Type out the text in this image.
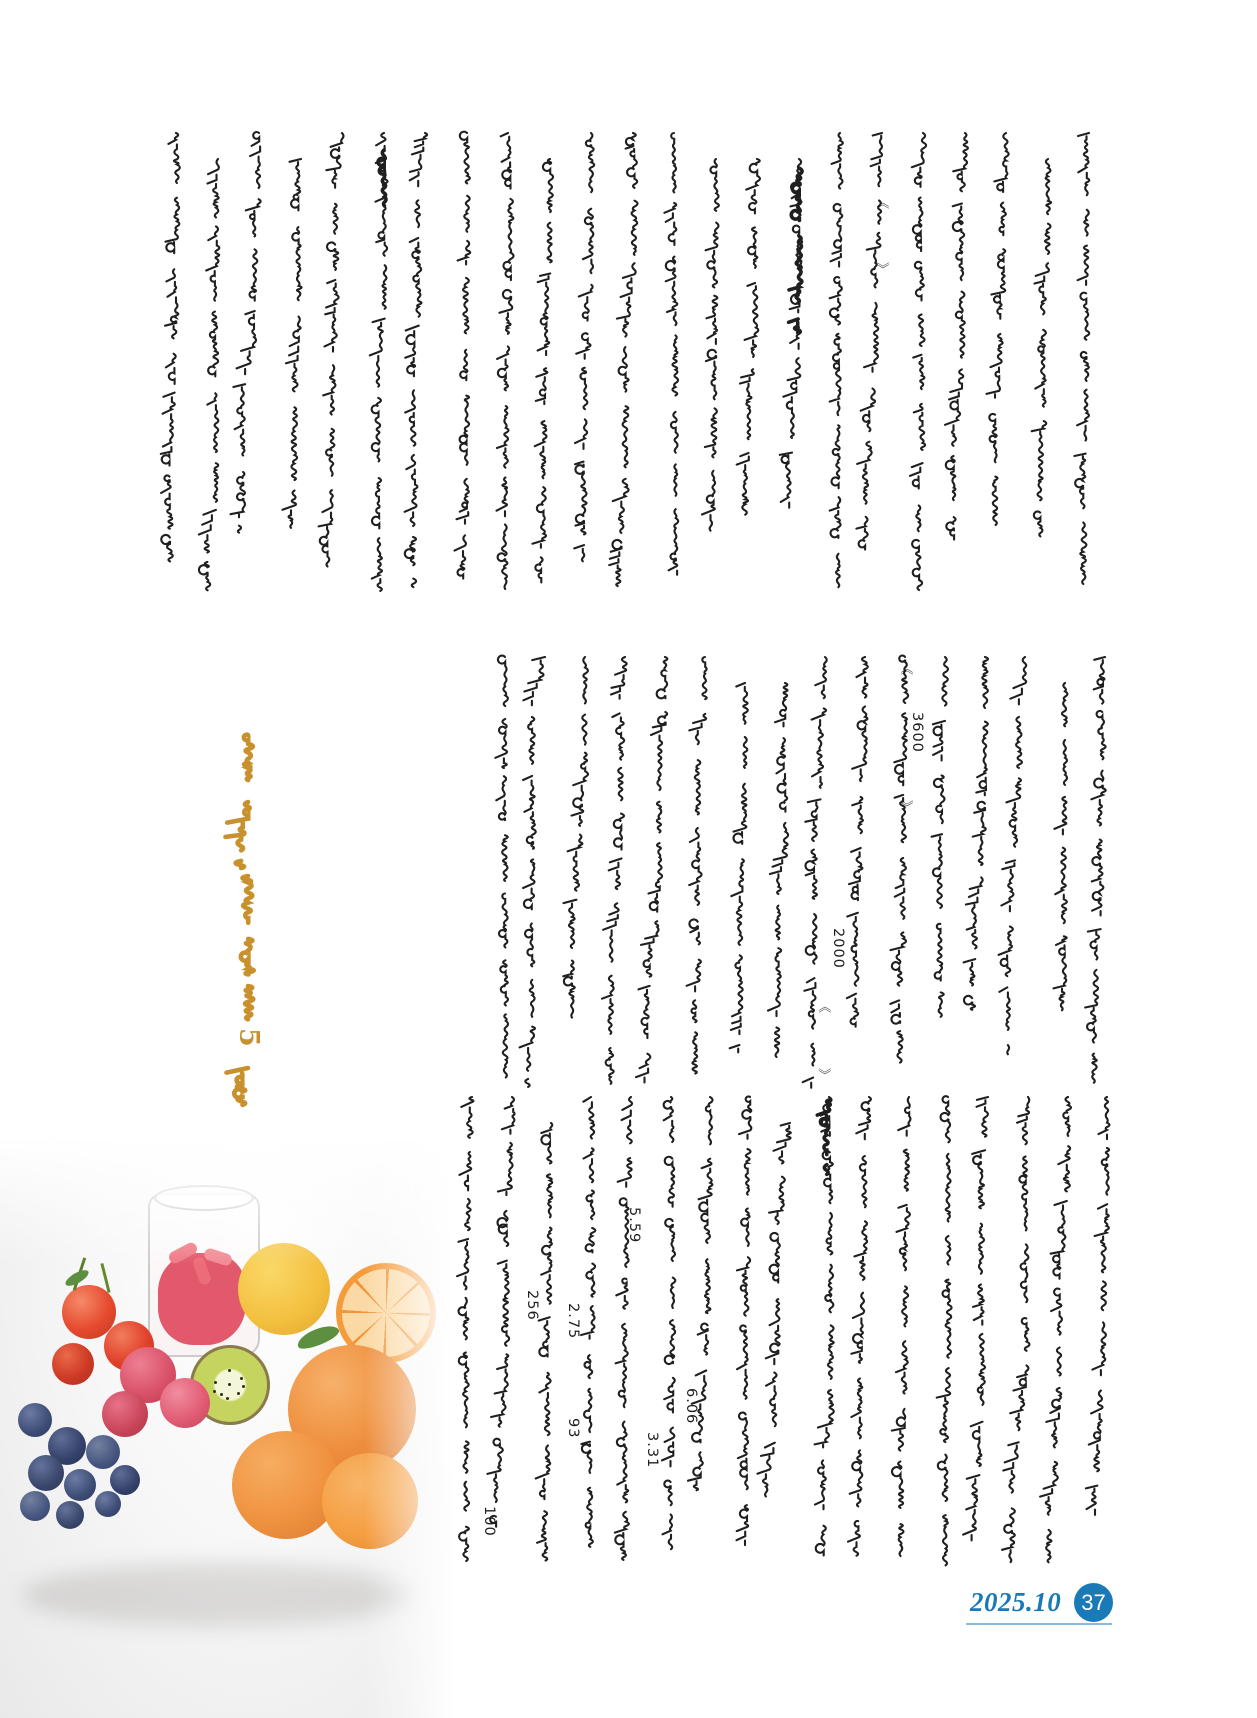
5
2025.10 37
3600
2000
5.59
6.06
2.75
93
3.31
256
100
《
》
《
》
《
》
